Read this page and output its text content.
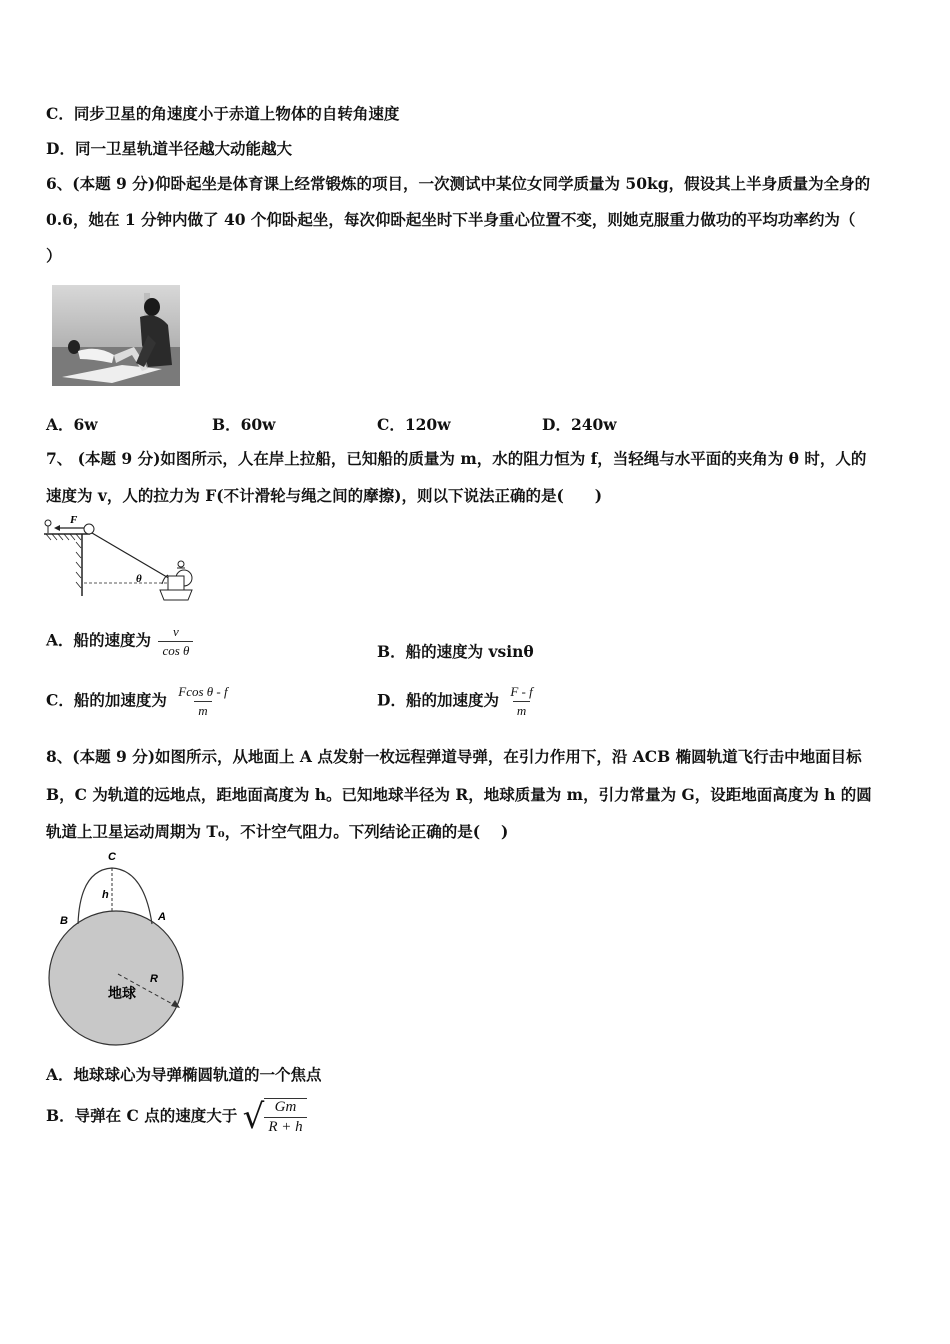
C．同步卫星的角速度小于赤道上物体的自转角速度
D．同一卫星轨道半径越大动能越大
6、(本题 9 分)仰卧起坐是体育课上经常锻炼的项目，一次测试中某位女同学质量为 50kg，假设其上半身质量为全身的
0.6，她在 1 分钟内做了 40 个仰卧起坐，每次仰卧起坐时下半身重心位置不变，则她克服重力做功的平均功率约为（
）
A．6w	B．60w	C．120w	D．240w
7、 (本题 9 分)如图所示，人在岸上拉船，已知船的质量为 m，水的阻力恒为 f，当轻绳与水平面的夹角为 θ 时，人的
速度为 v，人的拉力为 F(不计滑轮与绳之间的摩擦)，则以下说法正确的是(　　)
F
θ
A．船的速度为 $\frac{v}{\text{cos θ}}$	B．船的速度为 vsinθ
C．船的加速度为 $\frac{\text{Fcos θ - f}}{m}$	D．船的加速度为 $\frac{F - f}{m}$
8、(本题 9 分)如图所示，从地面上 A 点发射一枚远程弹道导弹，在引力作用下，沿 ACB 椭圆轨道飞行击中地面目标
B，C 为轨道的远地点，距地面高度为 h。已知地球半径为 R，地球质量为 m，引力常量为 G，设距地面高度为 h 的圆
轨道上卫星运动周期为 T₀，不计空气阻力。下列结论正确的是(　 )
C
h
B	A
R
地球
A．地球球心为导弹椭圆轨道的一个焦点
B．导弹在 C 点的速度大于 √ $\frac{Gm}{R + h}$
